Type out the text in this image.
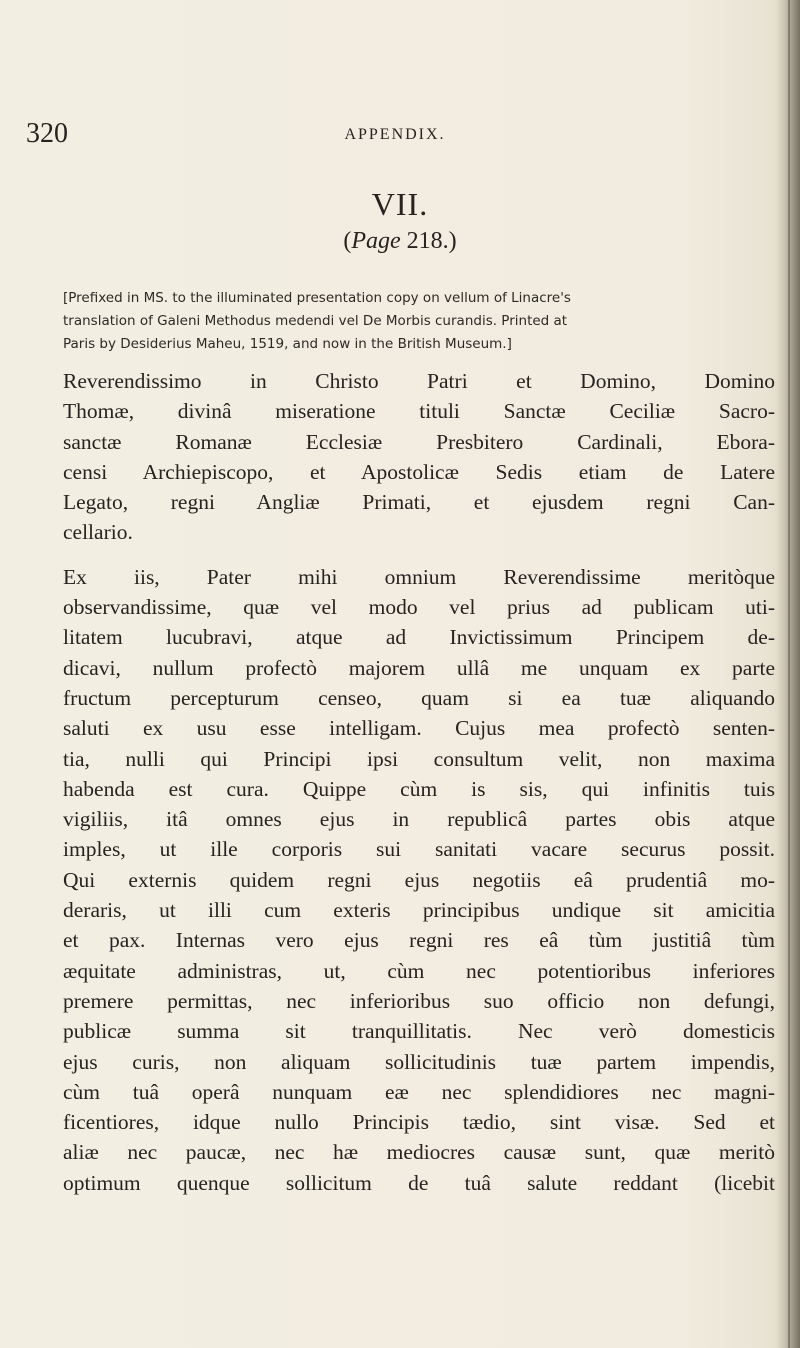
320	APPENDIX.
VII.
(Page 218.)
[Prefixed in MS. to the illuminated presentation copy on vellum of Linacre's
translation of Galeni Methodus medendi vel De Morbis curandis. Printed at
Paris by Desiderius Maheu, 1519, and now in the British Museum.]
Reverendissimo in Christo Patri et Domino, Domino
Thomæ, divinâ miseratione tituli Sanctæ Ceciliæ Sacro-
sanctæ Romanæ Ecclesiæ Presbitero Cardinali, Ebora-
censi Archiepiscopo, et Apostolicæ Sedis etiam de Latere
Legato, regni Angliæ Primati, et ejusdem regni Can-
cellario.
Ex iis, Pater mihi omnium Reverendissime meritòque
observandissime, quæ vel modo vel prius ad publicam uti-
litatem lucubravi, atque ad Invictissimum Principem de-
dicavi, nullum profectò majorem ullâ me unquam ex parte
fructum percepturum censeo, quam si ea tuæ aliquando
saluti ex usu esse intelligam. Cujus mea profectò senten-
tia, nulli qui Principi ipsi consultum velit, non maxima
habenda est cura. Quippe cùm is sis, qui infinitis tuis
vigiliis, itâ omnes ejus in republicâ partes obis atque
imples, ut ille corporis sui sanitati vacare securus possit.
Qui externis quidem regni ejus negotiis eâ prudentiâ mo-
deraris, ut illi cum exteris principibus undique sit amicitia
et pax. Internas vero ejus regni res eâ tùm justitiâ tùm
æquitate administras, ut, cùm nec potentioribus inferiores
premere permittas, nec inferioribus suo officio non defungi,
publicæ summa sit tranquillitatis. Nec verò domesticis
ejus curis, non aliquam sollicitudinis tuæ partem impendis,
cùm tuâ operâ nunquam eæ nec splendidiores nec magni-
ficentiores, idque nullo Principis tædio, sint visæ. Sed et
aliæ nec paucæ, nec hæ mediocres causæ sunt, quæ meritò
optimum quenque sollicitum de tuâ salute reddant (licebit
